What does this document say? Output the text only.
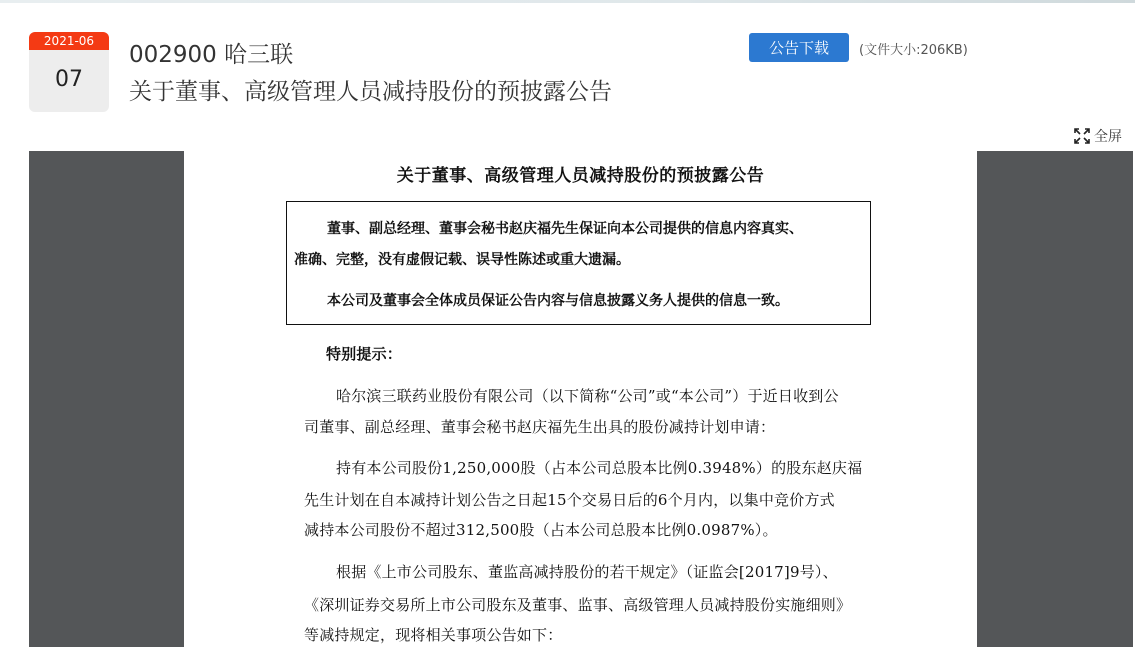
2021-06
07
002900 哈三联
关于董事、高级管理人员减持股份的预披露公告
公告下载	(文件大小:206KB)
全屏
关于董事、高级管理人员减持股份的预披露公告

董事、副总经理、董事会秘书赵庆福先生保证向本公司提供的信息内容真实、

准确、完整，没有虚假记载、误导性陈述或重大遗漏。

本公司及董事会全体成员保证公告内容与信息披露义务人提供的信息一致。

特别提示：

哈尔滨三联药业股份有限公司（以下简称“公司”或“本公司”）于近日收到公

司董事、副总经理、董事会秘书赵庆福先生出具的股份减持计划申请：

持有本公司股份1,250,000股（占本公司总股本比例0.3948%）的股东赵庆福

先生计划在自本减持计划公告之日起15个交易日后的6个月内，以集中竞价方式

减持本公司股份不超过312,500股（占本公司总股本比例0.0987%）。

根据《上市公司股东、董监高减持股份的若干规定》（证监会[2017]9号）、

《深圳证券交易所上市公司股东及董事、监事、高级管理人员减持股份实施细则》

等减持规定，现将相关事项公告如下：
